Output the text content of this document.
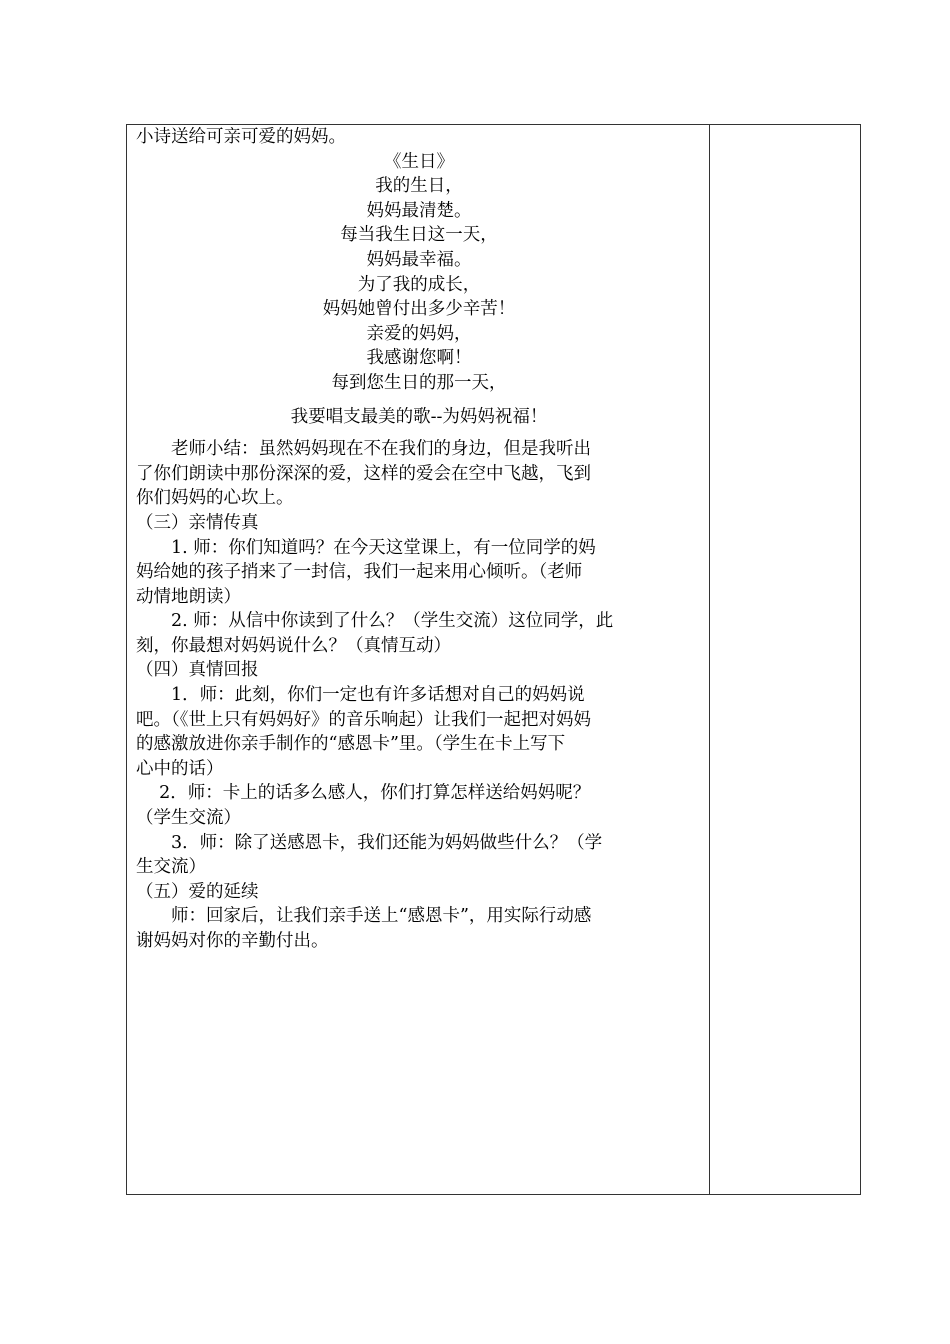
小诗送给可亲可爱的妈妈。
《生日》
我的生日，
妈妈最清楚。
每当我生日这一天，
妈妈最幸福。
为了我的成长，
妈妈她曾付出多少辛苦！
亲爱的妈妈，
我感谢您啊！
每到您生日的那一天，
我要唱支最美的歌--为妈妈祝福！
　　老师小结：虽然妈妈现在不在我们的身边，但是我听出
了你们朗读中那份深深的爱，这样的爱会在空中飞越，飞到
你们妈妈的心坎上。
（三）亲情传真
　　1. 师：你们知道吗？在今天这堂课上，有一位同学的妈
妈给她的孩子捎来了一封信，我们一起来用心倾听。（老师
动情地朗读）
　　2. 师：从信中你读到了什么？（学生交流）这位同学，此
刻，你最想对妈妈说什么？（真情互动）
（四）真情回报
　　1．师：此刻，你们一定也有许多话想对自己的妈妈说
吧。（《世上只有妈妈好》的音乐响起）让我们一起把对妈妈
的感激放进你亲手制作的“感恩卡”里。（学生在卡上写下
心中的话）
　 2．师：卡上的话多么感人，你们打算怎样送给妈妈呢？
（学生交流）
　　3．师：除了送感恩卡，我们还能为妈妈做些什么？（学
生交流）
（五）爱的延续
　　师：回家后，让我们亲手送上“感恩卡”，用实际行动感
谢妈妈对你的辛勤付出。
